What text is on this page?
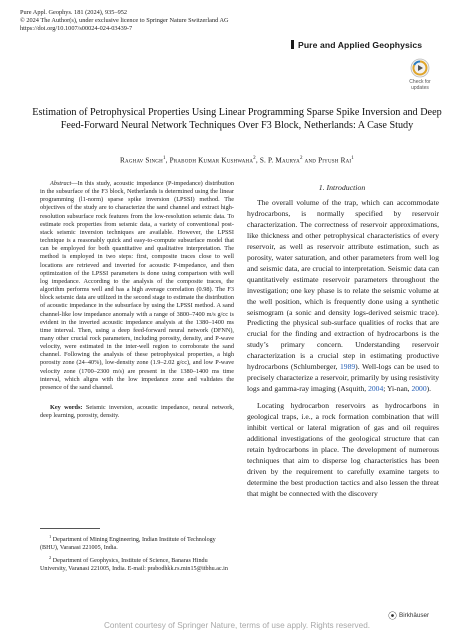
Pure Appl. Geophys. 181 (2024), 935–952
© 2024 The Author(s), under exclusive licence to Springer Nature Switzerland AG
https://doi.org/10.1007/s00024-024-03439-7
Pure and Applied Geophysics
Check for
updates
Estimation of Petrophysical Properties Using Linear Programming Sparse Spike Inversion and Deep Feed-Forward Neural Network Techniques Over F3 Block, Netherlands: A Case Study
Raghav Singh$^1$, Prabodh Kumar Kushwaha$^2$, S. P. Maurya$^2$ and Piyush Rai$^1$

Abstract—In this study, acoustic impedance (P-impedance) distribution in the subsurface of the F3 block, Netherlands is determined using the linear programming (l1-norm) sparse spike inversion (LPSSI) method. The objectives of the study are to characterize the sand channel and extract high-resolution subsurface rock features from the low-resolution seismic data. To estimate rock properties from seismic data, a variety of conventional post-stack seismic inversion techniques are available. However, the LPSSI technique is a reasonably quick and easy-to-compute subsurface model that can be employed for both quantitative and qualitative interpretation. The method is employed in two steps: first, composite traces close to well locations are retrieved and inverted for acoustic P-impedance, and then optimization of the LPSSI parameters is done using comparison with well log impedance. According to the analysis of the composite traces, the algorithm performs well and has a high average correlation (0.98). The F3 block seismic data are utilized in the second stage to estimate the distribution of acoustic impedance in the subsurface by using the LPSSI method. A sand channel-like low impedance anomaly with a range of 3800–7400 m/s g/cc is evident in the inverted acoustic impedance analysis at the 1380–1400 ms time interval. Then, using a deep feed-forward neural network (DFNN), many other crucial rock parameters, including porosity, density, and P-wave velocity, were estimated in the inter-well region to corroborate the sand channel. Following the analysis of these petrophysical properties, a high porosity zone (24–40%), low-density zone (1.9–2.02 g/cc), and low P-wave velocity zone (1700–2300 m/s) are present in the 1380–1400 ms time interval, which aligns with the low impedance zone and validates the presence of the sand channel.

Key words: Seismic inversion, acoustic impedance, neural network, deep learning, porosity, density.

$^1$ Department of Mining Engineering, Indian Institute of Technology (BHU), Varanasi 221005, India.

$^2$ Department of Geophysics, Institute of Science, Banaras Hindu University, Varanasi 221005, India. E-mail: prabodhkk.rs.min15@itbhu.ac.in

1. Introduction

The overall volume of the trap, which can accommodate hydrocarbons, is normally specified by reservoir characterization. The correctness of reservoir approximations, like thickness and other petrophysical characteristics of every reservoir, as well as reservoir attribute estimation, such as porosity, water saturation, and other parameters from well log and seismic data, are crucial to interpretation. Seismic data can quantitatively estimate reservoir parameters throughout the investigation; one key phase is to relate the seismic volume at the well position, which is frequently done using a synthetic seismogram (a sonic and density logs-derived seismic trace). Predicting the physical sub-surface qualities of rocks that are crucial for the finding and extraction of hydrocarbons is the study’s primary concern. Understanding reservoir characterization is a crucial step in estimating productive hydrocarbons (Schlumberger, 1989). Well-logs can be used to precisely characterize a reservoir, primarily by using resistivity logs and gamma-ray imaging (Asquith, 2004; Yi-nan, 2000).

Locating hydrocarbon reservoirs as hydrocarbons in geological traps, i.e., a rock formation combination that will inhibit vertical or lateral migration of gas and oil requires additional investigations of the geological structure that can retain hydrocarbons in place. The development of numerous techniques that aim to disperse log characteristics has been driven by the requirement to carefully examine targets to determine the best production tactics and also lessen the threat that might be connected with the discovery

⦿ Birkhäuser
Content courtesy of Springer Nature, terms of use apply. Rights reserved.
